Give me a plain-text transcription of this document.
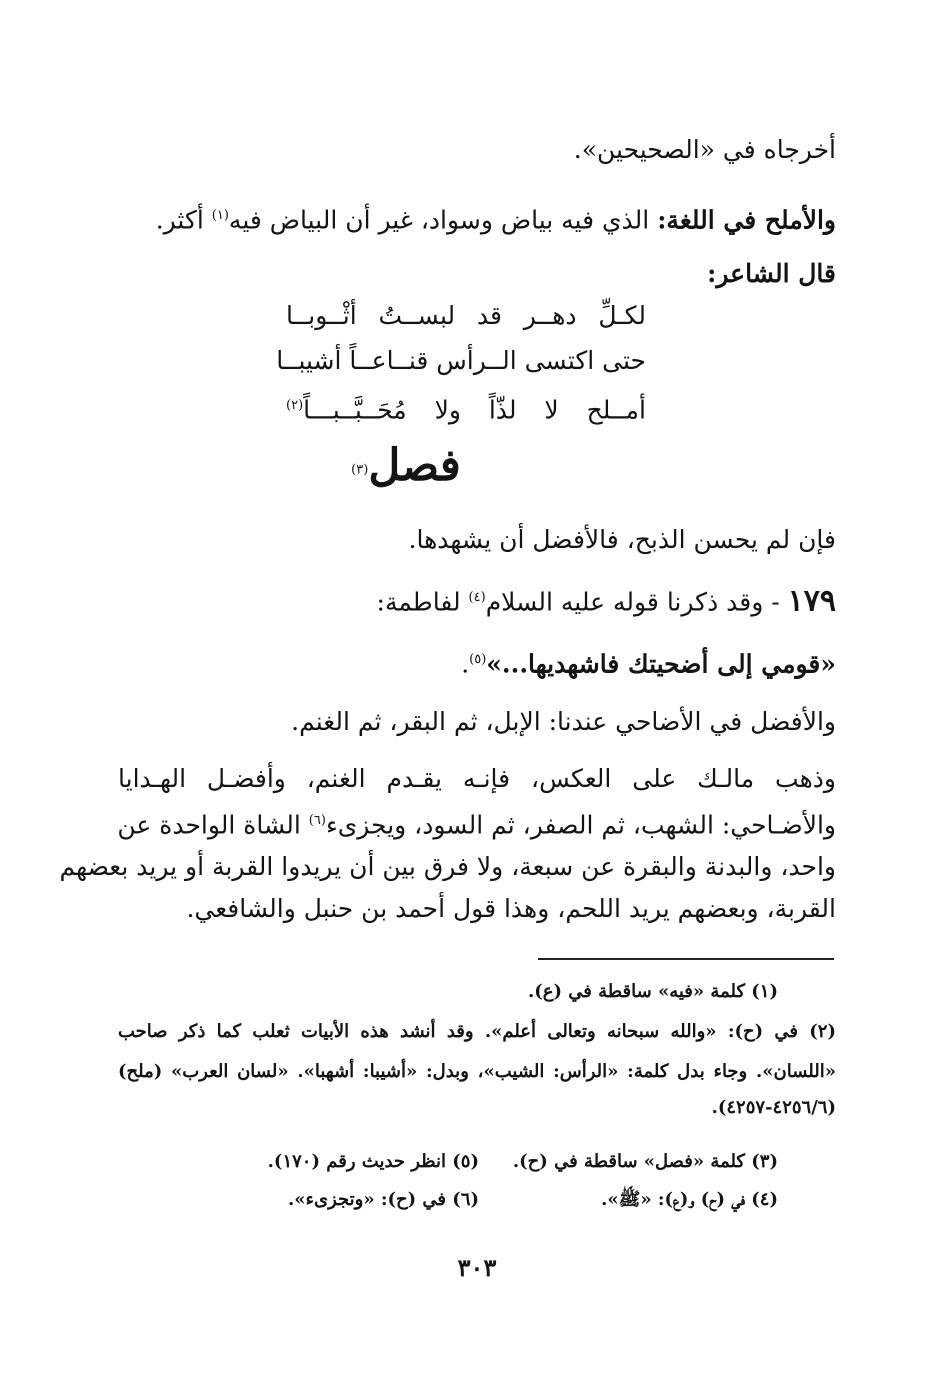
أخرجاه في «الصحيحين».
والأملح في اللغة: الذي فيه بياض وسواد، غير أن البياض فيه$^{(١)}$ أكثر.
قال الشاعر:
لكـلِّ دهــر قد لبســتُ أثْــوبــا
حتى اكتسى الــرأس قنــاعــاً أشيبــا
أمــلح لا لذّاً ولا مُحَــبَّــبـــاً$^{(٢)}$
فصل$^{(٣)}$
فإن لم يحسن الذبح، فالأفضل أن يشهدها.
١٧٩ - وقد ذكرنا قوله عليه السلام$^{(٤)}$ لفاطمة:
«قومي إلى أضحيتك فاشهديها...»$^{(٥)}$.
والأفضل في الأضاحي عندنا: الإبل، ثم البقر، ثم الغنم.
وذهب مالـك على العكس، فإنـه يقـدم الغنم، وأفضـل الهـدايا
والأضـاحي: الشهب، ثم الصفر، ثم السود، ويجزىء$^{(٦)}$ الشاة الواحدة عن
واحد، والبدنة والبقرة عن سبعة، ولا فرق بين أن يريدوا القربة أو يريد بعضهم
القربة، وبعضهم يريد اللحم، وهذا قول أحمد بن حنبل والشافعي.
(١) كلمة «فيه» ساقطة في (ع).
(٢) في (ح): «والله سبحانه وتعالى أعلم». وقد أنشد هذه الأبيات ثعلب كما ذكر صاحب
«اللسان». وجاء بدل كلمة: «الرأس: الشيب»، وبدل: «أشيبا: أشهبا». «لسان العرب» (ملح)
(٤٢٥٦/٦-٤٢٥٧).
(٣) كلمة «فصل» ساقطة في (ح).
(٥) انظر حديث رقم (١٧٠).
(٤) في (ح) و(ع): «ﷺ».
(٦) في (ح): «وتجزىء».
٣٠٣
